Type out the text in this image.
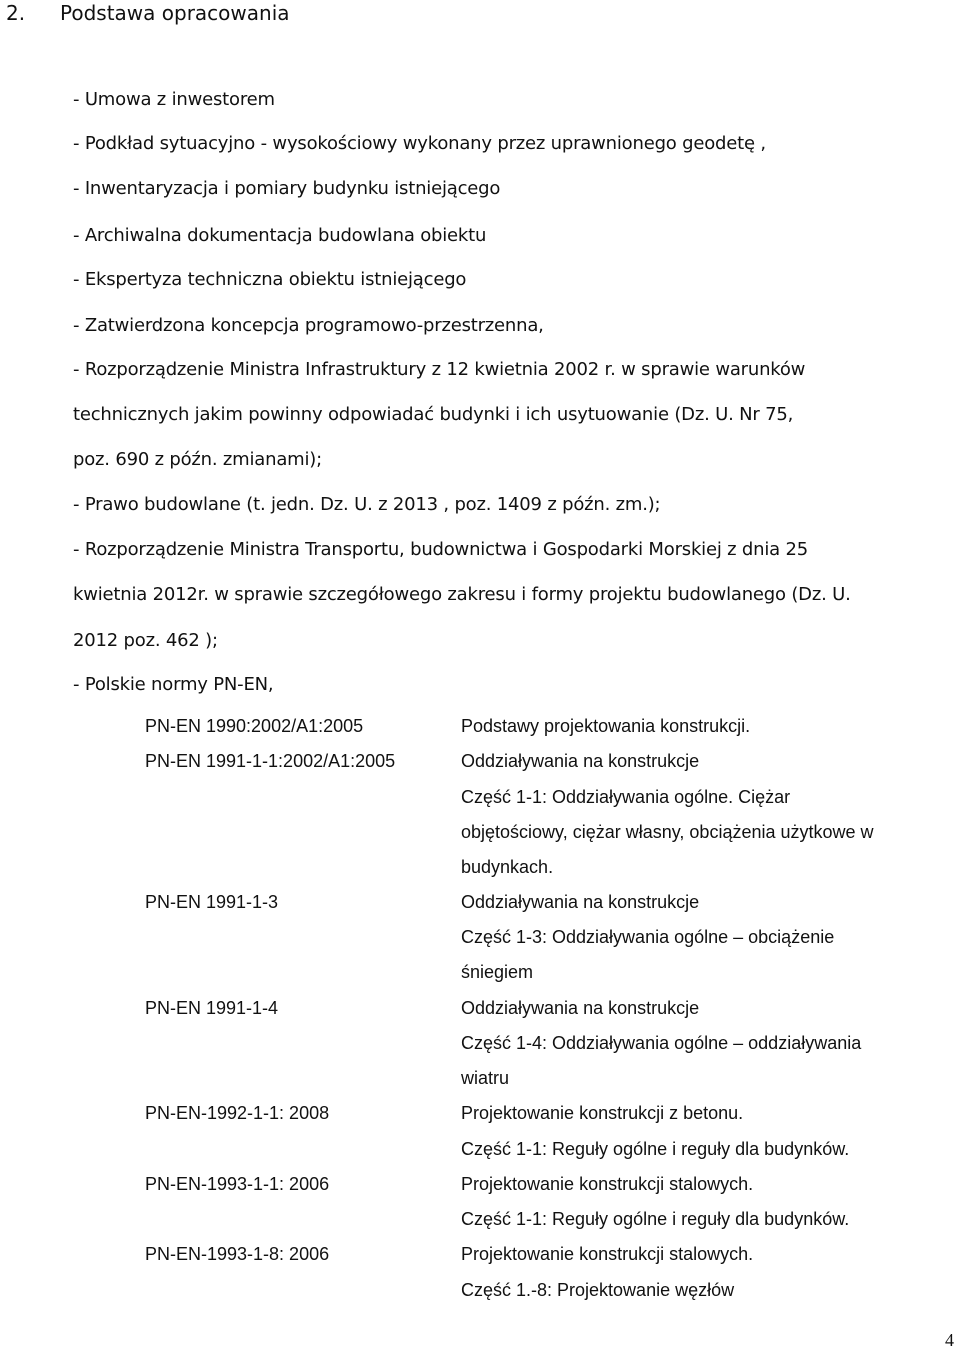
2. Podstawa opracowania
- Umowa z inwestorem
- Podkład sytuacyjno - wysokościowy wykonany przez uprawnionego geodetę ,
- Inwentaryzacja i pomiary budynku istniejącego
- Archiwalna dokumentacja budowlana obiektu
- Ekspertyza techniczna obiektu istniejącego
- Zatwierdzona koncepcja programowo-przestrzenna,
- Rozporządzenie Ministra Infrastruktury z 12 kwietnia 2002 r. w sprawie warunków
technicznych jakim powinny odpowiadać budynki i ich usytuowanie (Dz. U. Nr 75,
poz. 690 z późn. zmianami);
- Prawo budowlane (t. jedn. Dz. U. z 2013 , poz. 1409 z późn. zm.);
- Rozporządzenie Ministra Transportu, budownictwa i Gospodarki Morskiej z dnia 25
kwietnia 2012r. w sprawie szczegółowego zakresu i formy projektu budowlanego (Dz. U.
2012 poz. 462 );
- Polskie normy PN-EN,
PN-EN 1990:2002/A1:2005	Podstawy projektowania konstrukcji.
PN-EN 1991-1-1:2002/A1:2005	Oddziaływania na konstrukcje
Część 1-1: Oddziaływania ogólne. Ciężar
objętościowy, ciężar własny, obciążenia użytkowe w
budynkach.
PN-EN 1991-1-3	Oddziaływania na konstrukcje
Część 1-3: Oddziaływania ogólne – obciążenie
śniegiem
PN-EN 1991-1-4	Oddziaływania na konstrukcje
Część 1-4: Oddziaływania ogólne – oddziaływania
wiatru
PN-EN-1992-1-1: 2008	Projektowanie konstrukcji z betonu.
Część 1-1: Reguły ogólne i reguły dla budynków.
PN-EN-1993-1-1: 2006	Projektowanie konstrukcji stalowych.
Część 1-1: Reguły ogólne i reguły dla budynków.
PN-EN-1993-1-8: 2006	Projektowanie konstrukcji stalowych.
Część 1.-8: Projektowanie węzłów
4
